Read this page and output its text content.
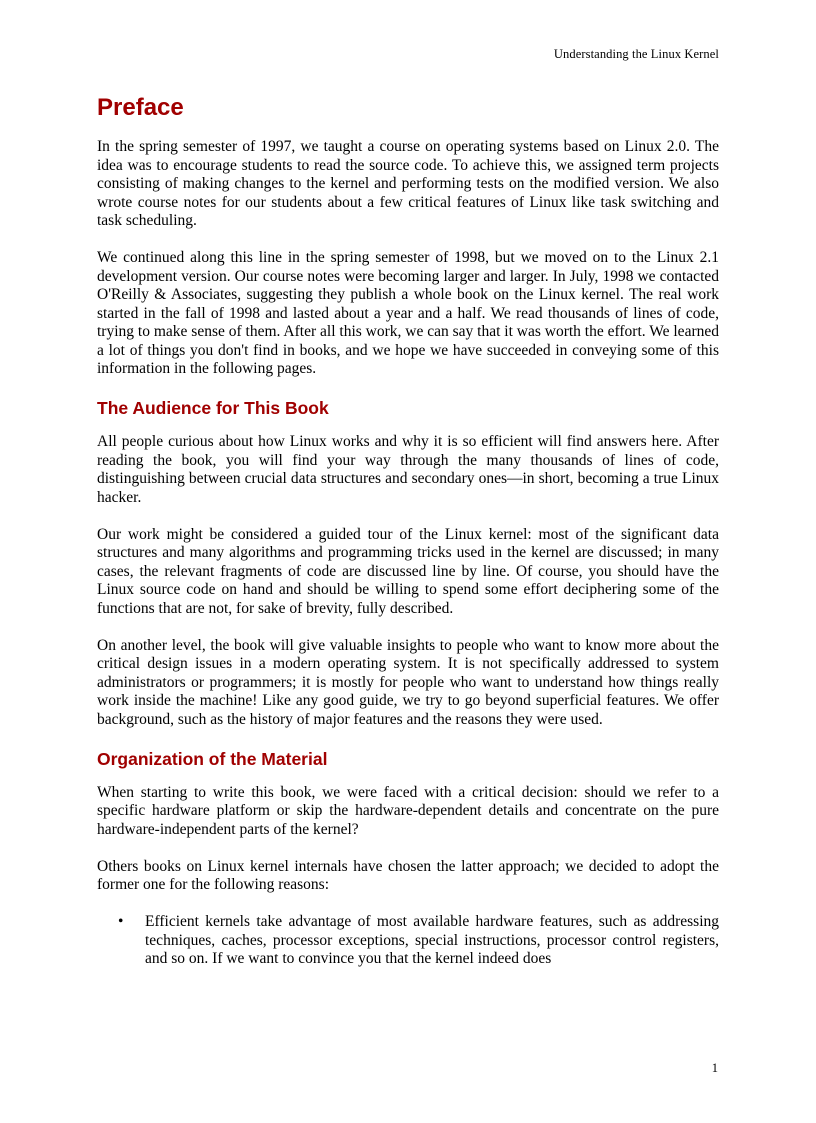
Understanding the Linux Kernel
Preface

In the spring semester of 1997, we taught a course on operating systems based on Linux 2.0. The idea was to encourage students to read the source code. To achieve this, we assigned term projects consisting of making changes to the kernel and performing tests on the modified version. We also wrote course notes for our students about a few critical features of Linux like task switching and task scheduling.

We continued along this line in the spring semester of 1998, but we moved on to the Linux 2.1 development version. Our course notes were becoming larger and larger. In July, 1998 we contacted O'Reilly & Associates, suggesting they publish a whole book on the Linux kernel. The real work started in the fall of 1998 and lasted about a year and a half. We read thousands of lines of code, trying to make sense of them. After all this work, we can say that it was worth the effort. We learned a lot of things you don't find in books, and we hope we have succeeded in conveying some of this information in the following pages.

The Audience for This Book

All people curious about how Linux works and why it is so efficient will find answers here. After reading the book, you will find your way through the many thousands of lines of code, distinguishing between crucial data structures and secondary ones—in short, becoming a true Linux hacker.

Our work might be considered a guided tour of the Linux kernel: most of the significant data structures and many algorithms and programming tricks used in the kernel are discussed; in many cases, the relevant fragments of code are discussed line by line. Of course, you should have the Linux source code on hand and should be willing to spend some effort deciphering some of the functions that are not, for sake of brevity, fully described.

On another level, the book will give valuable insights to people who want to know more about the critical design issues in a modern operating system. It is not specifically addressed to system administrators or programmers; it is mostly for people who want to understand how things really work inside the machine! Like any good guide, we try to go beyond superficial features. We offer background, such as the history of major features and the reasons they were used.

Organization of the Material

When starting to write this book, we were faced with a critical decision: should we refer to a specific hardware platform or skip the hardware-dependent details and concentrate on the pure hardware-independent parts of the kernel?

Others books on Linux kernel internals have chosen the latter approach; we decided to adopt the former one for the following reasons:

• Efficient kernels take advantage of most available hardware features, such as addressing techniques, caches, processor exceptions, special instructions, processor control registers, and so on. If we want to convince you that the kernel indeed does
1
